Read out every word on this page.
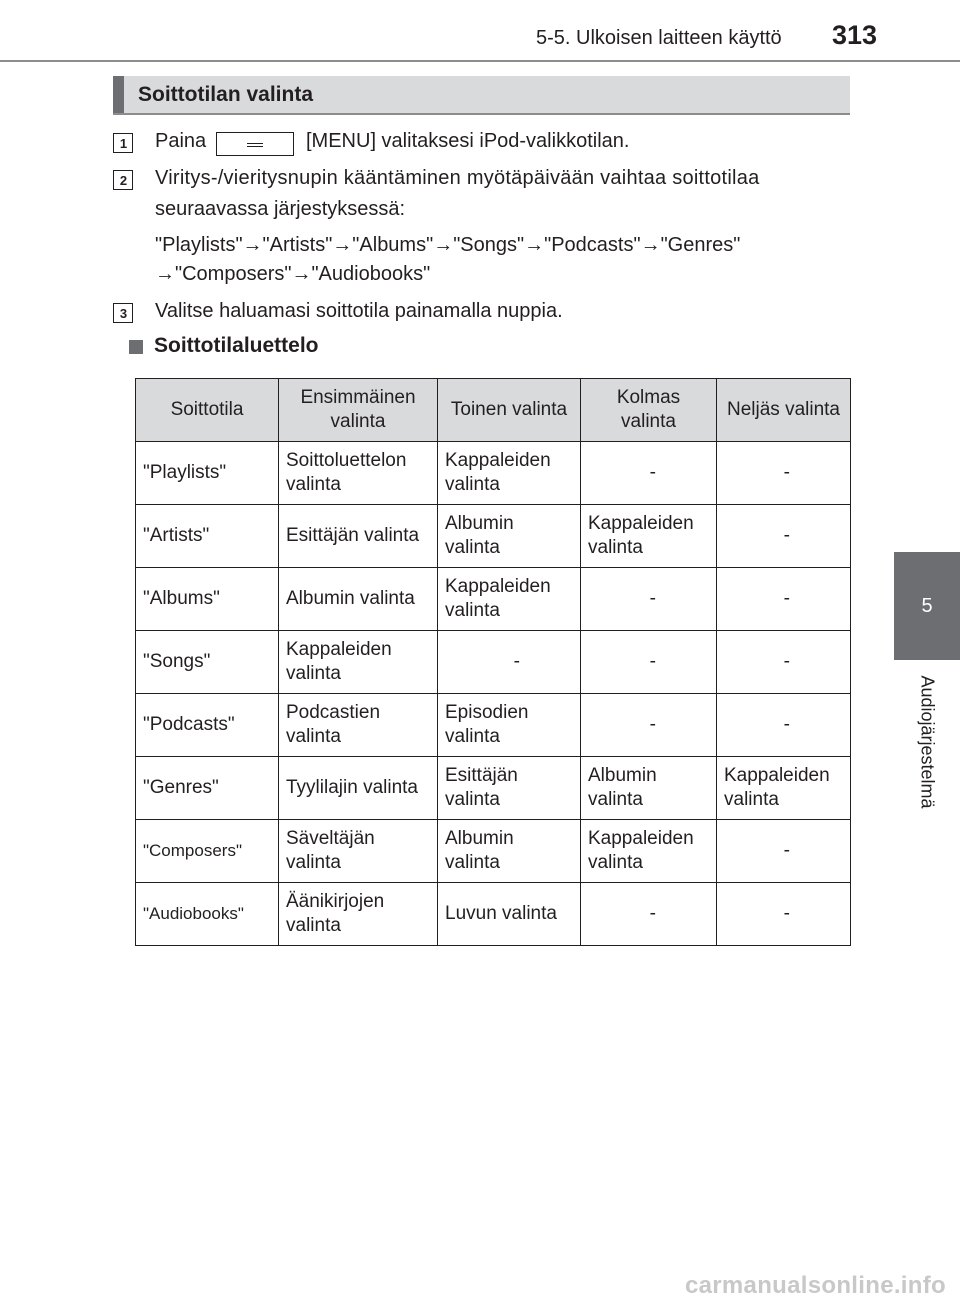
5-5. Ulkoisen laitteen käyttö 313
5
Audiojärjestelmä
Soittotilan valinta
1 Paina	[MENU] valitaksesi iPod-valikkotilan.
2 Viritys-/vieritysnupin kääntäminen myötäpäivään vaihtaa soittotilaa
seuraavassa järjestyksessä:
"Playlists"→"Artists"→"Albums"→"Songs"→"Podcasts"→"Genres"
→"Composers"→"Audiobooks"
3 Valitse haluamasi soittotila painamalla nuppia.
Soittotilaluettelo
Soittotila	Ensimmäinen valinta	Toinen valinta	Kolmas valinta	Neljäs valinta
"Playlists"	Soittoluettelon valinta	Kappaleiden valinta	-	-
"Artists"	Esittäjän valinta	Albumin valinta	Kappaleiden valinta	-
"Albums"	Albumin valinta	Kappaleiden valinta	-	-
"Songs"	Kappaleiden valinta	-	-	-
"Podcasts"	Podcastien valinta	Episodien valinta	-	-
"Genres"	Tyylilajin valinta	Esittäjän valinta	Albumin valinta	Kappaleiden valinta
"Composers"	Säveltäjän valinta	Albumin valinta	Kappaleiden valinta	-
"Audiobooks"	Äänikirjojen valinta	Luvun valinta	-	-
carmanualsonline.info
